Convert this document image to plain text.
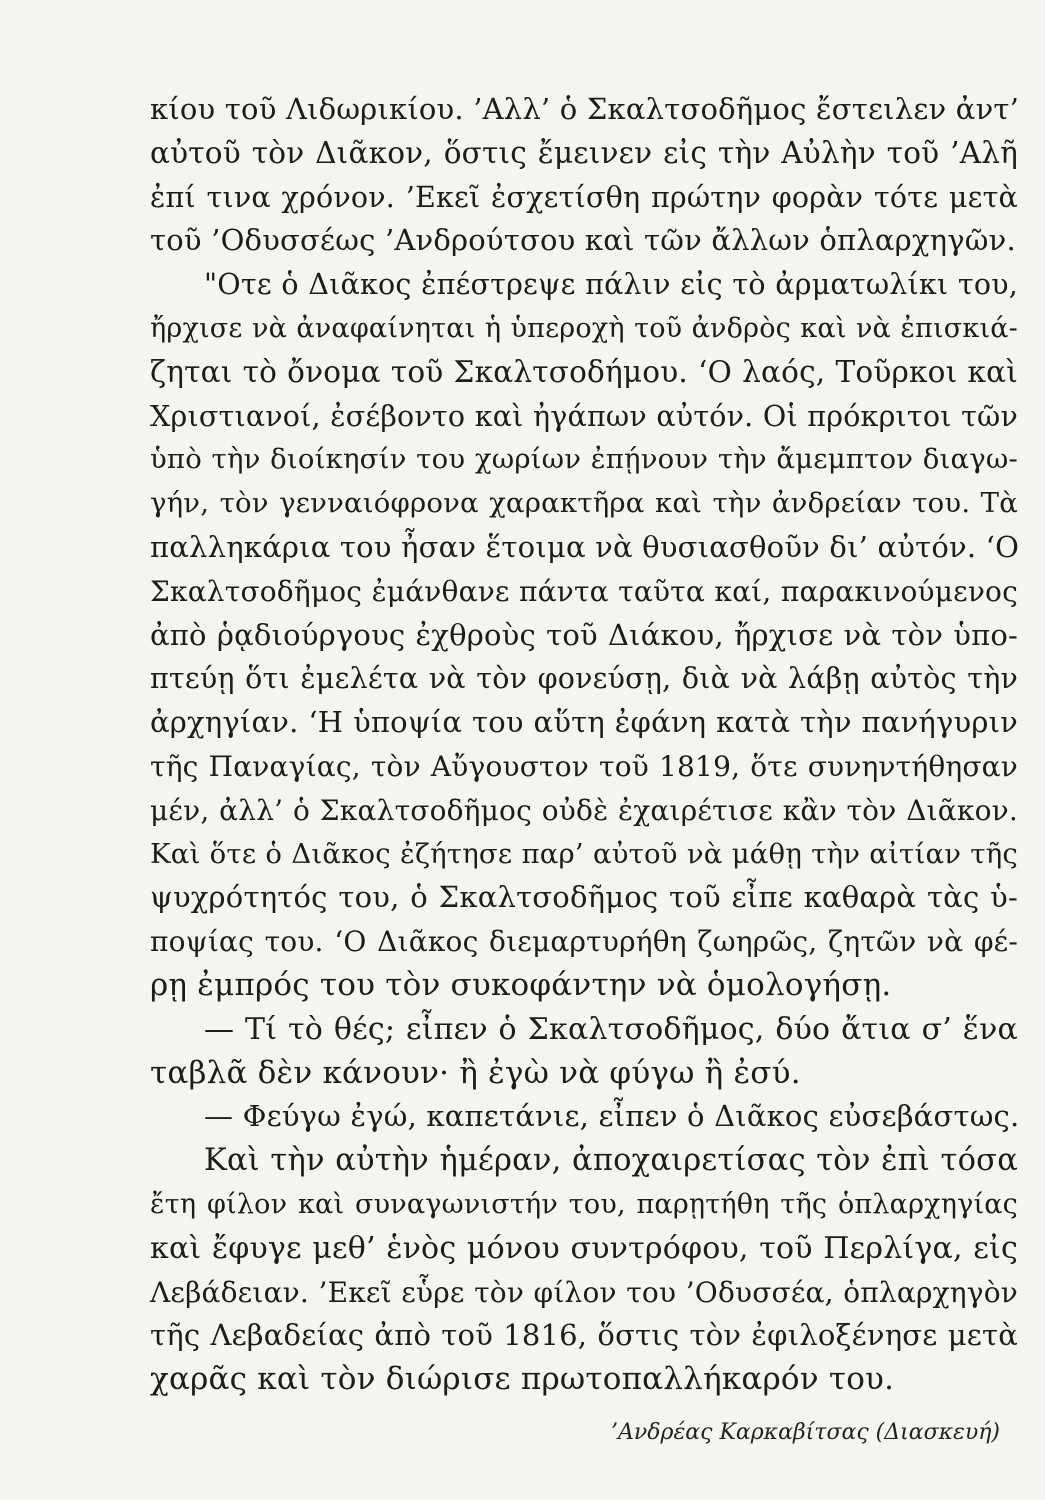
κίου τοῦ Λιδωρικίου. ’Αλλ’ ὁ Σκαλτσοδῆμος ἔστειλεν ἀντ’
αὐτοῦ τὸν Διᾶκον, ὅστις ἔμεινεν εἰς τὴν Αὐλὴν τοῦ ’Αλῆ
ἐπί τινα χρόνον. ’Εκεῖ ἐσχετίσθη πρώτην φορὰν τότε μετὰ
τοῦ ’Οδυσσέως ’Ανδρούτσου καὶ τῶν ἄλλων ὁπλαρχηγῶν.
"Οτε ὁ Διᾶκος ἐπέστρεψε πάλιν εἰς τὸ ἀρματωλίκι του,
ἤρχισε νὰ ἀναφαίνηται ἡ ὑπεροχὴ τοῦ ἀνδρὸς καὶ νὰ ἐπισκιά-
ζηται τὸ ὄνομα τοῦ Σκαλτσοδήμου. ‘Ο λαός, Τοῦρκοι καὶ
Χριστιανοί, ἐσέβοντο καὶ ἠγάπων αὐτόν. Οἱ πρόκριτοι τῶν
ὑπὸ τὴν διοίκησίν του χωρίων ἐπῄνουν τὴν ἄμεμπτον διαγω-
γήν, τὸν γενναιόφρονα χαρακτῆρα καὶ τὴν ἀνδρείαν του. Τὰ
παλληκάρια του ἦσαν ἕτοιμα νὰ θυσιασθοῦν δι’ αὐτόν. ‘Ο
Σκαλτσοδῆμος ἐμάνθανε πάντα ταῦτα καί, παρακινούμενος
ἀπὸ ῥᾳδιούργους ἐχθροὺς τοῦ Διάκου, ἤρχισε νὰ τὸν ὑπο-
πτεύῃ ὅτι ἐμελέτα νὰ τὸν φονεύσῃ, διὰ νὰ λάβῃ αὐτὸς τὴν
ἀρχηγίαν. ‘Η ὑποψία του αὕτη ἐφάνη κατὰ τὴν πανήγυριν
τῆς Παναγίας, τὸν Αὔγουστον τοῦ 1819, ὅτε συνηντήθησαν
μέν, ἀλλ’ ὁ Σκαλτσοδῆμος οὐδὲ ἐχαιρέτισε κἂν τὸν Διᾶκον.
Καὶ ὅτε ὁ Διᾶκος ἐζήτησε παρ’ αὐτοῦ νὰ μάθῃ τὴν αἰτίαν τῆς
ψυχρότητός του, ὁ Σκαλτσοδῆμος τοῦ εἶπε καθαρὰ τὰς ὑ-
ποψίας του. ‘Ο Διᾶκος διεμαρτυρήθη ζωηρῶς, ζητῶν νὰ φέ-
ρῃ ἐμπρός του τὸν συκοφάντην νὰ ὁμολογήσῃ.
— Τί τὸ θές; εἶπεν ὁ Σκαλτσοδῆμος, δύο ἄτια σ’ ἕνα
ταβλᾶ δὲν κάνουν· ἢ ἐγὼ νὰ φύγω ἢ ἐσύ.
— Φεύγω ἐγώ, καπετάνιε, εἶπεν ὁ Διᾶκος εὐσεβάστως.
Καὶ τὴν αὐτὴν ἡμέραν, ἀποχαιρετίσας τὸν ἐπὶ τόσα
ἔτη φίλον καὶ συναγωνιστήν του, παρῃτήθη τῆς ὁπλαρχηγίας
καὶ ἔφυγε μεθ’ ἑνὸς μόνου συντρόφου, τοῦ Περλίγα, εἰς
Λεβάδειαν. ’Εκεῖ εὗρε τὸν φίλον του ’Οδυσσέα, ὁπλαρχηγὸν
τῆς Λεβαδείας ἀπὸ τοῦ 1816, ὅστις τὸν ἐφιλοξένησε μετὰ
χαρᾶς καὶ τὸν διώρισε πρωτοπαλλήκαρόν του.
’Ανδρέας Καρκαβίτσας (Διασκευή)
